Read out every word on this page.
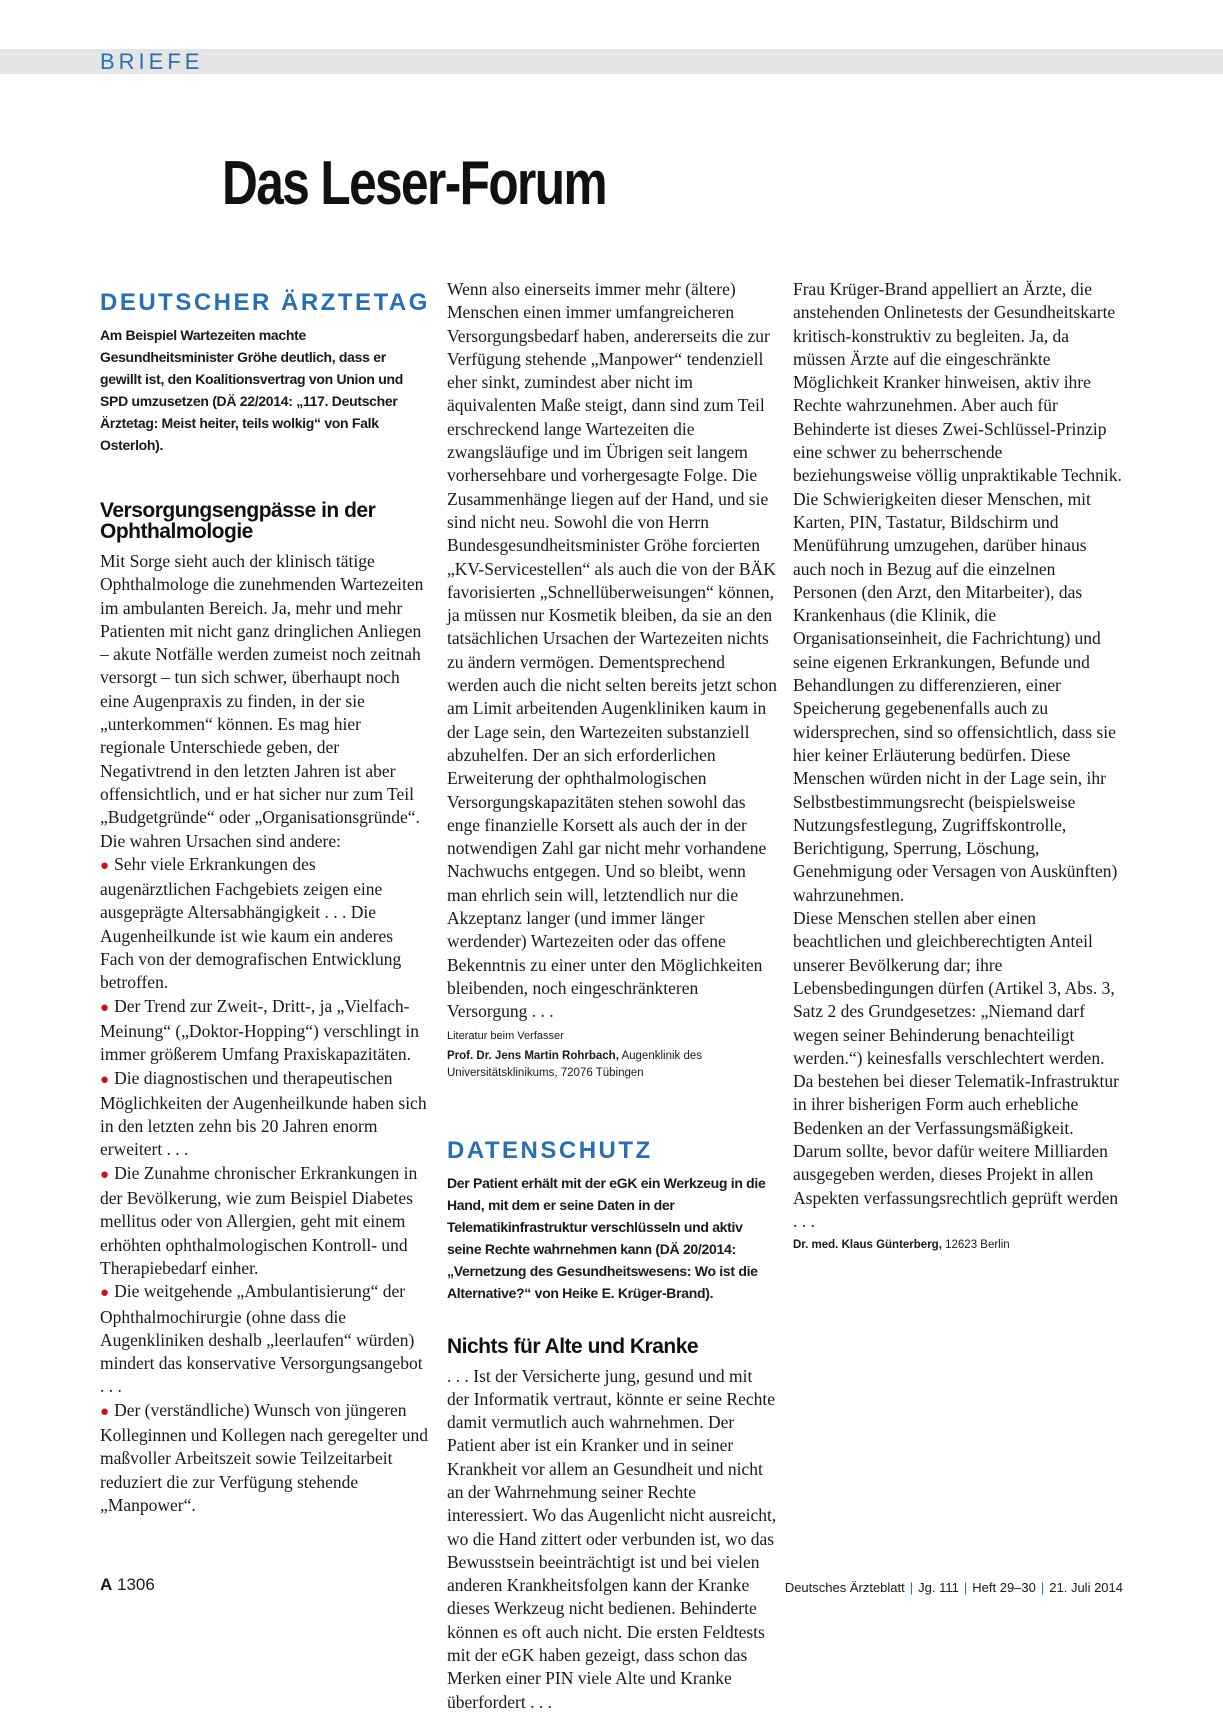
BRIEFE
Das Leser-Forum
DEUTSCHER ÄRZTETAG

Am Beispiel Wartezeiten machte Gesundheitsminister Gröhe deutlich, dass er gewillt ist, den Koalitionsvertrag von Union und SPD umzusetzen (DÄ 22/2014: „117. Deutscher Ärztetag: Meist heiter, teils wolkig“ von Falk Osterloh).

Versorgungsengpässe in der Ophthalmologie

Mit Sorge sieht auch der klinisch tätige Ophthalmologe die zunehmenden Wartezeiten im ambulanten Bereich. Ja, mehr und mehr Patienten mit nicht ganz dringlichen Anliegen – akute Notfälle werden zumeist noch zeitnah versorgt – tun sich schwer, überhaupt noch eine Augenpraxis zu finden, in der sie „unterkommen“ können. Es mag hier regionale Unterschiede geben, der Negativtrend in den letzten Jahren ist aber offensichtlich, und er hat sicher nur zum Teil „Budgetgründe“ oder „Organisationsgründe“. Die wahren Ursachen sind andere:

● Sehr viele Erkrankungen des augenärztlichen Fachgebiets zeigen eine ausgeprägte Altersabhängigkeit . . . Die Augenheilkunde ist wie kaum ein anderes Fach von der demografischen Entwicklung betroffen.

● Der Trend zur Zweit-, Dritt-, ja „Vielfach-Meinung“ („Doktor-Hopping“) verschlingt in immer größerem Umfang Praxiskapazitäten.

● Die diagnostischen und therapeutischen Möglichkeiten der Augenheilkunde haben sich in den letzten zehn bis 20 Jahren enorm erweitert . . .

● Die Zunahme chronischer Erkrankungen in der Bevölkerung, wie zum Beispiel Diabetes mellitus oder von Allergien, geht mit einem erhöhten ophthalmologischen Kontroll- und Therapiebedarf einher.

● Die weitgehende „Ambulantisierung“ der Ophthalmochirurgie (ohne dass die Augenkliniken deshalb „leerlaufen“ würden) mindert das konservative Versorgungsangebot . . .

● Der (verständliche) Wunsch von jüngeren Kolleginnen und Kollegen nach geregelter und maßvoller Arbeitszeit sowie Teilzeitarbeit reduziert die zur Verfügung stehende „Manpower“.

Wenn also einerseits immer mehr (ältere) Menschen einen immer umfangreicheren Versorgungsbedarf haben, andererseits die zur Verfügung stehende „Manpower“ tendenziell eher sinkt, zumindest aber nicht im äquivalenten Maße steigt, dann sind zum Teil erschreckend lange Wartezeiten die zwangsläufige und im Übrigen seit langem vorhersehbare und vorhergesagte Folge. Die Zusammenhänge liegen auf der Hand, und sie sind nicht neu. Sowohl die von Herrn Bundesgesundheitsminister Gröhe forcierten „KV-Servicestellen“ als auch die von der BÄK favorisierten „Schnellüberweisungen“ können, ja müssen nur Kosmetik bleiben, da sie an den tatsächlichen Ursachen der Wartezeiten nichts zu ändern vermögen. Dementsprechend werden auch die nicht selten bereits jetzt schon am Limit arbeitenden Augenkliniken kaum in der Lage sein, den Wartezeiten substanziell abzuhelfen. Der an sich erforderlichen Erweiterung der ophthalmologischen Versorgungskapazitäten stehen sowohl das enge finanzielle Korsett als auch der in der notwendigen Zahl gar nicht mehr vorhandene Nachwuchs entgegen. Und so bleibt, wenn man ehrlich sein will, letztendlich nur die Akzeptanz langer (und immer länger werdender) Wartezeiten oder das offene Bekenntnis zu einer unter den Möglichkeiten bleibenden, noch eingeschränkteren Versorgung . . .

Literatur beim Verfasser

Prof. Dr. Jens Martin Rohrbach, Augenklinik des Universitätsklinikums, 72076 Tübingen

DATENSCHUTZ

Der Patient erhält mit der eGK ein Werkzeug in die Hand, mit dem er seine Daten in der Telematikinfrastruktur verschlüsseln und aktiv seine Rechte wahrnehmen kann (DÄ 20/2014: „Vernetzung des Gesundheitswesens: Wo ist die Alternative?“ von Heike E. Krüger-Brand).

Nichts für Alte und Kranke

. . . Ist der Versicherte jung, gesund und mit der Informatik vertraut, könnte er seine Rechte damit vermutlich auch wahrnehmen. Der Patient aber ist ein Kranker und in seiner Krankheit vor allem an Gesundheit und nicht an der Wahrnehmung seiner Rechte interessiert. Wo das Augenlicht nicht ausreicht, wo die Hand zittert oder verbunden ist, wo das Bewusstsein beeinträchtigt ist und bei vielen anderen Krankheitsfolgen kann der Kranke dieses Werkzeug nicht bedienen. Behinderte können es oft auch nicht. Die ersten Feldtests mit der eGK haben gezeigt, dass schon das Merken einer PIN viele Alte und Kranke überfordert . . .

Frau Krüger-Brand appelliert an Ärzte, die anstehenden Onlinetests der Gesundheitskarte kritisch-konstruktiv zu begleiten. Ja, da müssen Ärzte auf die eingeschränkte Möglichkeit Kranker hinweisen, aktiv ihre Rechte wahrzunehmen. Aber auch für Behinderte ist dieses Zwei-Schlüssel-Prinzip eine schwer zu beherrschende beziehungsweise völlig unpraktikable Technik. Die Schwierigkeiten dieser Menschen, mit Karten, PIN, Tastatur, Bildschirm und Menüführung umzugehen, darüber hinaus auch noch in Bezug auf die einzelnen Personen (den Arzt, den Mitarbeiter), das Krankenhaus (die Klinik, die Organisationseinheit, die Fachrichtung) und seine eigenen Erkrankungen, Befunde und Behandlungen zu differenzieren, einer Speicherung gegebenenfalls auch zu widersprechen, sind so offensichtlich, dass sie hier keiner Erläuterung bedürfen. Diese Menschen würden nicht in der Lage sein, ihr Selbstbestimmungsrecht (beispielsweise Nutzungsfestlegung, Zugriffskontrolle, Berichtigung, Sperrung, Löschung, Genehmigung oder Versagen von Auskünften) wahrzunehmen.

Diese Menschen stellen aber einen beachtlichen und gleichberechtigten Anteil unserer Bevölkerung dar; ihre Lebensbedingungen dürfen (Artikel 3, Abs. 3, Satz 2 des Grundgesetzes: „Niemand darf wegen seiner Behinderung benachteiligt werden.“) keinesfalls verschlechtert werden. Da bestehen bei dieser Telematik-Infrastruktur in ihrer bisherigen Form auch erhebliche Bedenken an der Verfassungsmäßigkeit. Darum sollte, bevor dafür weitere Milliarden ausgegeben werden, dieses Projekt in allen Aspekten verfassungsrechtlich geprüft werden . . .

Dr. med. Klaus Günterberg, 12623 Berlin

A 1306	Deutsches Ärzteblatt | Jg. 111 | Heft 29–30 | 21. Juli 2014
